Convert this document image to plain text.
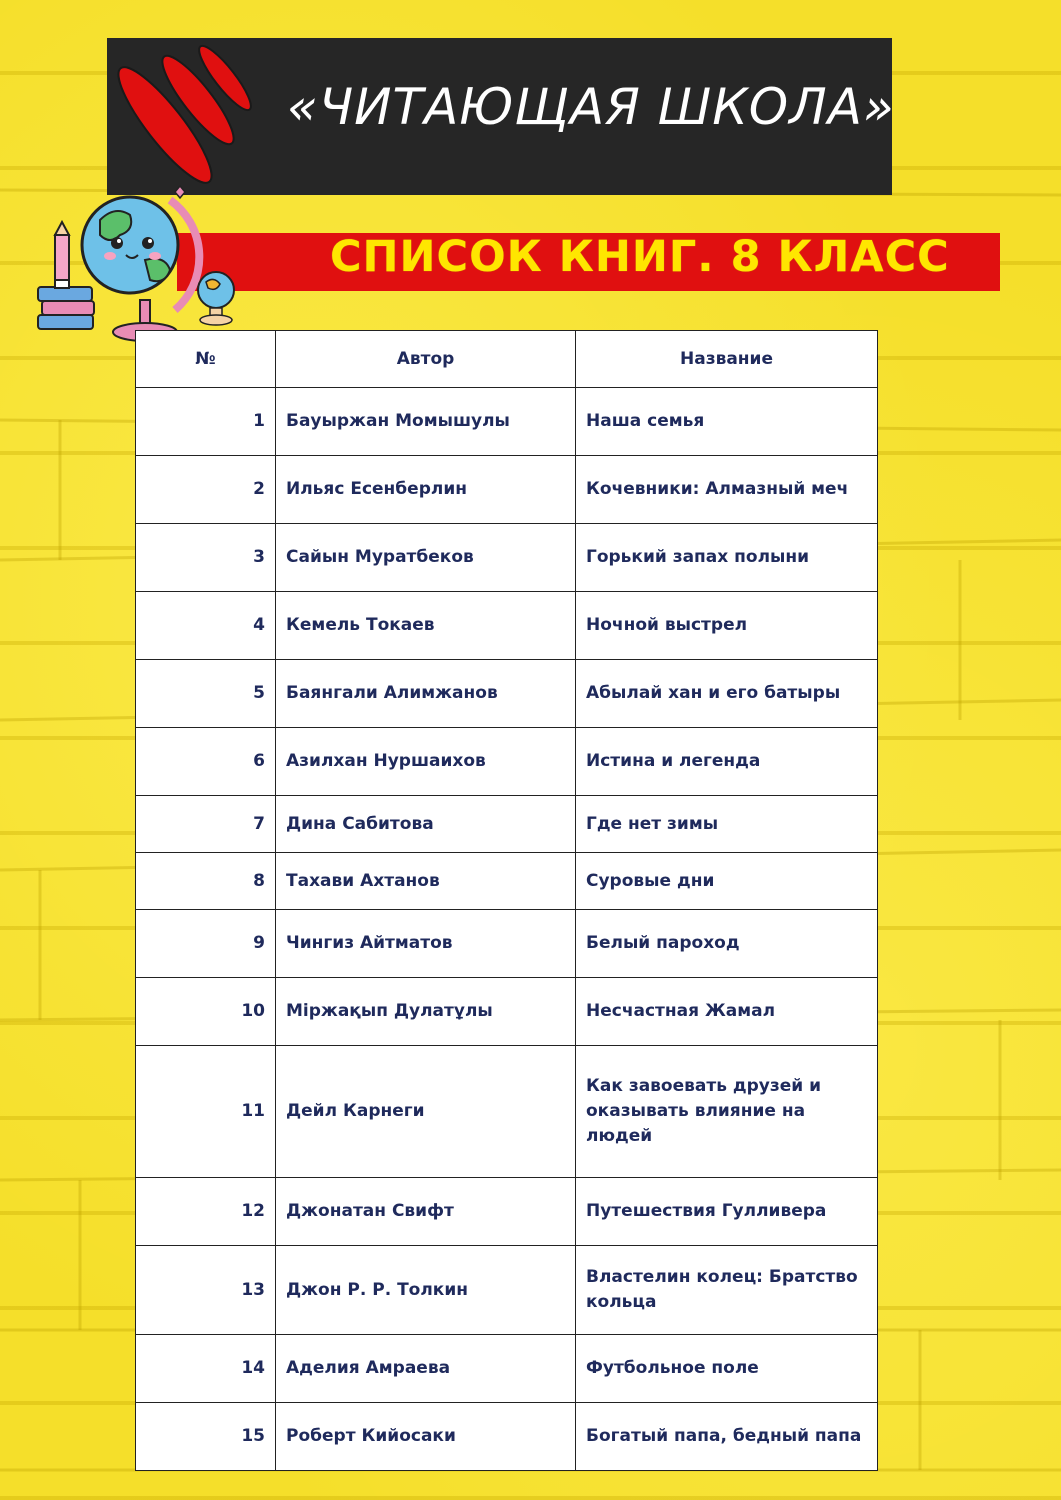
«ЧИТАЮЩАЯ ШКОЛА»
СПИСОК КНИГ. 8 КЛАСС
№	Автор	Название
1	Бауыржан Момышулы	Наша семья
2	Ильяс Есенберлин	Кочевники: Алмазный меч
3	Сайын Муратбеков	Горький запах полыни
4	Кемель Токаев	Ночной выстрел
5	Баянгали Алимжанов	Абылай хан и его батыры
6	Азилхан Нуршаихов	Истина и легенда
7	Дина Сабитова	Где нет зимы
8	Тахави Ахтанов	Суровые дни
9	Чингиз Айтматов	Белый пароход
10	Міржақып Дулатұлы	Несчастная Жамал
11	Дейл Карнеги	Как завоевать друзей и оказывать влияние на людей
12	Джонатан Свифт	Путешествия Гулливера
13	Джон Р. Р. Толкин	Властелин колец: Братство кольца
14	Аделия Амраева	Футбольное поле
15	Роберт Кийосаки	Богатый папа, бедный папа
